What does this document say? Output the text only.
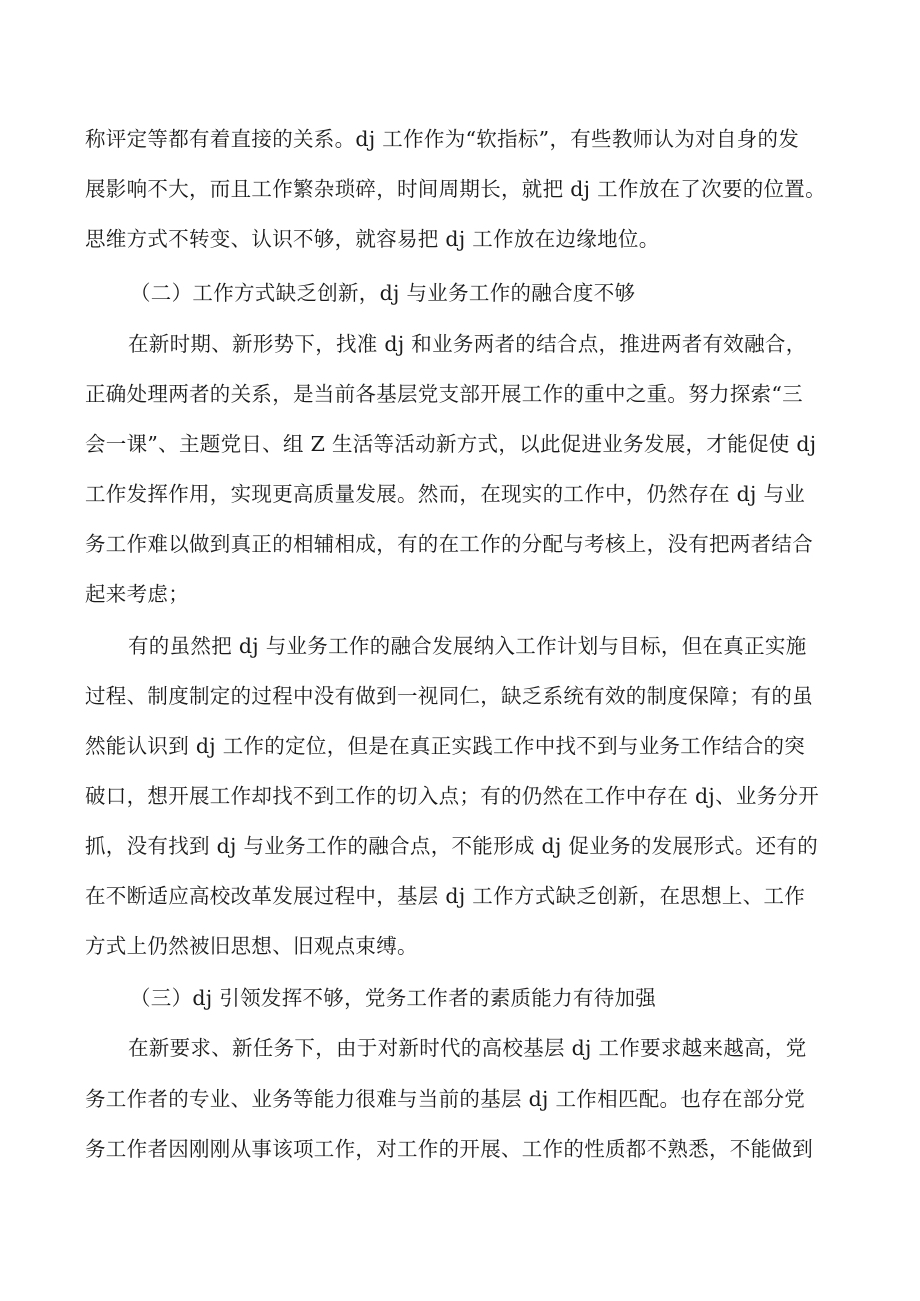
称评定等都有着直接的关系。dj 工作作为“软指标”，有些教师认为对自身的发
展影响不大，而且工作繁杂琐碎，时间周期长，就把 dj 工作放在了次要的位置。
思维方式不转变、认识不够，就容易把 dj 工作放在边缘地位。
（二）工作方式缺乏创新，dj 与业务工作的融合度不够
在新时期、新形势下，找准 dj 和业务两者的结合点，推进两者有效融合，
正确处理两者的关系，是当前各基层党支部开展工作的重中之重。努力探索“三
会一课”、主题党日、组 Z 生活等活动新方式，以此促进业务发展，才能促使 dj
工作发挥作用，实现更高质量发展。然而，在现实的工作中，仍然存在 dj 与业
务工作难以做到真正的相辅相成，有的在工作的分配与考核上，没有把两者结合
起来考虑；
有的虽然把 dj 与业务工作的融合发展纳入工作计划与目标，但在真正实施
过程、制度制定的过程中没有做到一视同仁，缺乏系统有效的制度保障；有的虽
然能认识到 dj 工作的定位，但是在真正实践工作中找不到与业务工作结合的突
破口，想开展工作却找不到工作的切入点；有的仍然在工作中存在 dj、业务分开
抓，没有找到 dj 与业务工作的融合点，不能形成 dj 促业务的发展形式。还有的
在不断适应高校改革发展过程中，基层 dj 工作方式缺乏创新，在思想上、工作
方式上仍然被旧思想、旧观点束缚。
（三）dj 引领发挥不够，党务工作者的素质能力有待加强
在新要求、新任务下，由于对新时代的高校基层 dj 工作要求越来越高，党
务工作者的专业、业务等能力很难与当前的基层 dj 工作相匹配。也存在部分党
务工作者因刚刚从事该项工作，对工作的开展、工作的性质都不熟悉，不能做到
